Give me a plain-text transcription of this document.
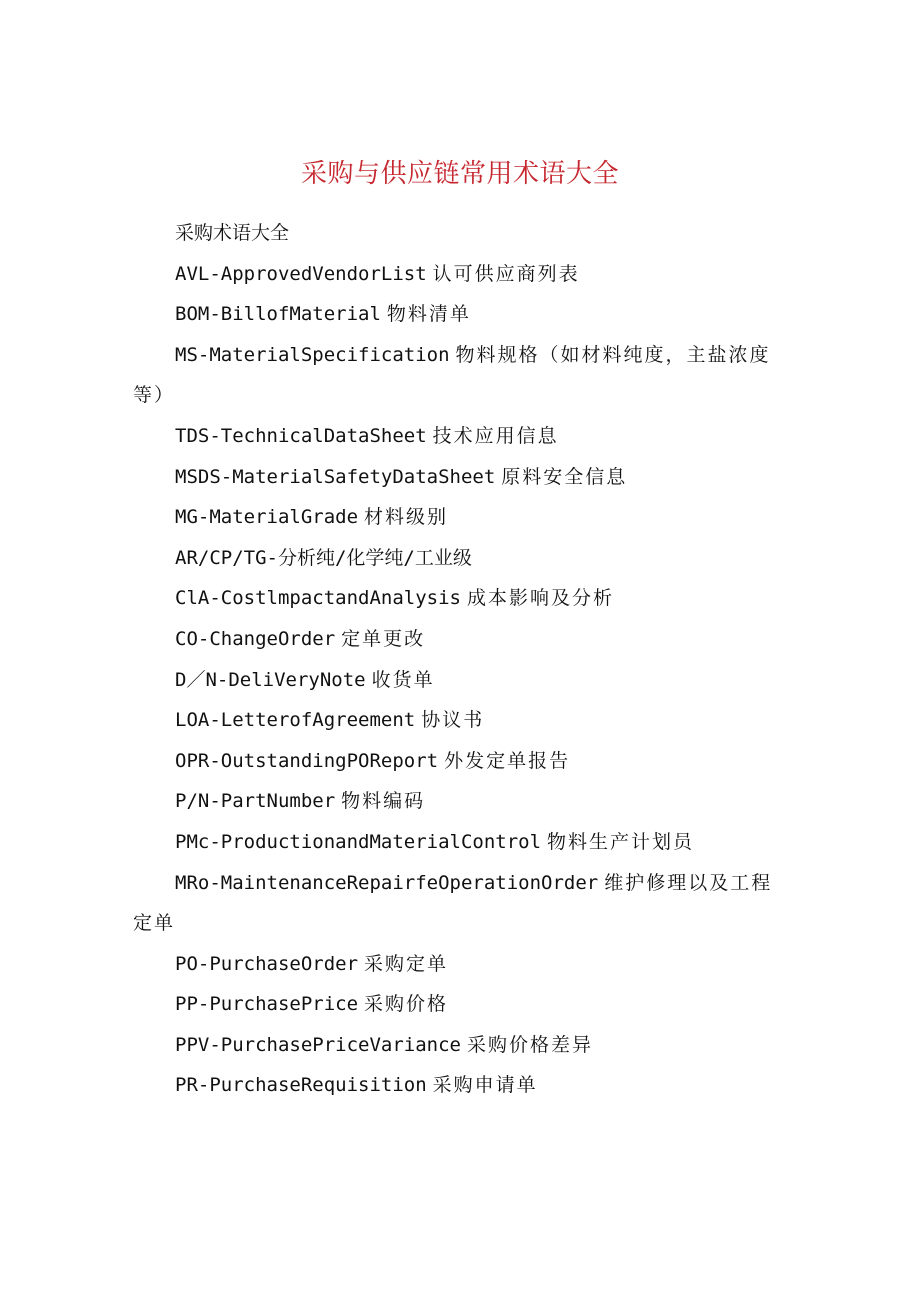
采购与供应链常用术语大全

采购术语大全

AVL-ApprovedVendorList 认可供应商列表

BOM-BillofMaterial 物料清单

MS-MaterialSpecification 物料规格（如材料纯度，主盐浓度等）

TDS-TechnicalDataSheet 技术应用信息

MSDS-MaterialSafetyDataSheet 原料安全信息

MG-MaterialGrade 材料级别

AR/CP/TG-分析纯/化学纯/工业级

ClA-CostlmpactandAnalysis 成本影响及分析

CO-ChangeOrder 定单更改

D／N-DeliVeryNote 收货单

LOA-LetterofAgreement 协议书

OPR-OutstandingPOReport 外发定单报告

P/N-PartNumber 物料编码

PMc-ProductionandMaterialControl 物料生产计划员

MRo-MaintenanceRepairfeOperationOrder 维护修理以及工程定单

PO-PurchaseOrder 采购定单

PP-PurchasePrice 采购价格

PPV-PurchasePriceVariance 采购价格差异

PR-PurchaseRequisition 采购申请单
